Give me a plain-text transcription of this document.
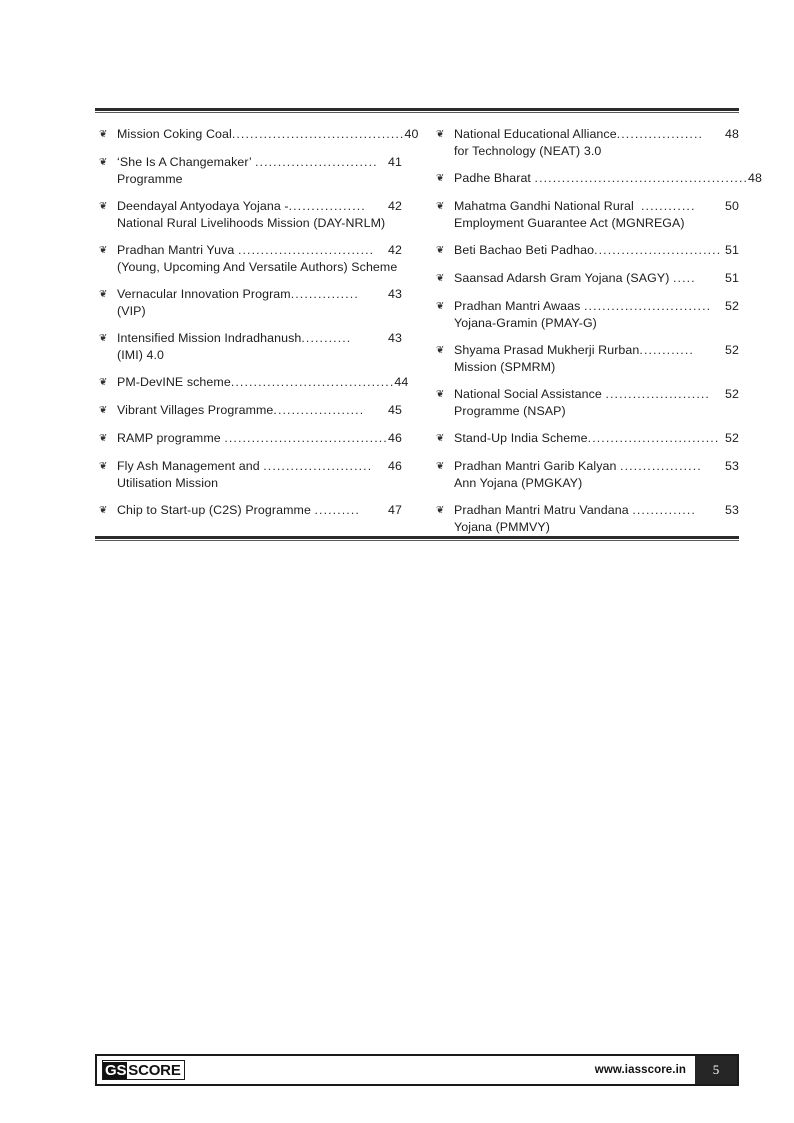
❦ Mission Coking Coal ...................................... 40
❦ ‘She Is A Changemaker’ ........................... 41
Programme
❦ Deendayal Antyodaya Yojana - .................	42
National Rural Livelihoods Mission (DAY-NRLM)
❦ Pradhan Mantri Yuva ..............................	42
(Young, Upcoming And Versatile Authors) Scheme
❦ Vernacular Innovation Program ...............	43
(VIP)
❦ Intensified Mission Indradhanush ...........	43
(IMI) 4.0
❦ PM-DevINE scheme .................................... 44
❦ Vibrant Villages Programme ....................	45
❦ RAMP programme .................................... 46
❦ Fly Ash Management and ........................	46
Utilisation Mission
❦ Chip to Start-up (C2S) Programme ..........	47
❦ National Educational Alliance ...................	48
for Technology (NEAT) 3.0
❦ Padhe Bharat ............................................... 48
❦ Mahatma Gandhi National Rural ............	50
Employment Guarantee Act (MGNREGA)
❦ Beti Bachao Beti Padhao ............................ 51
❦ Saansad Adarsh Gram Yojana (SAGY) .....	51
❦ Pradhan Mantri Awaas ............................	52
Yojana-Gramin (PMAY-G)
❦ Shyama Prasad Mukherji Rurban ............	52
Mission (SPMRM)
❦ National Social Assistance .......................	52
Programme (NSAP)
❦ Stand-Up India Scheme ............................. 52
❦ Pradhan Mantri Garib Kalyan ..................	53
Ann Yojana (PMGKAY)
❦ Pradhan Mantri Matru Vandana ..............	53
Yojana (PMMVY)
GS SCORE	www.iasscore.in	5
